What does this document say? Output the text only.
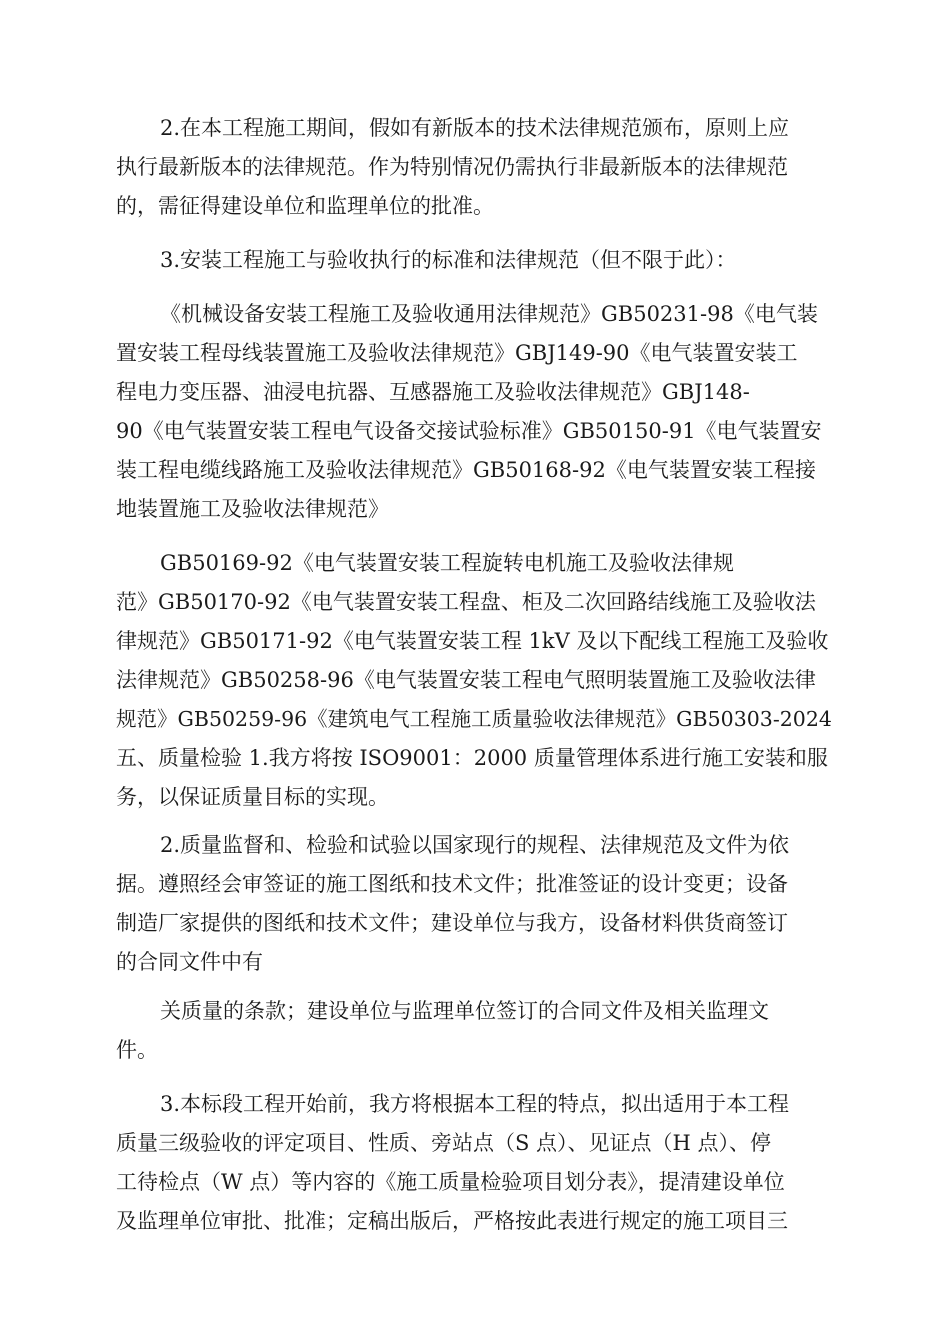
2.在本工程施工期间，假如有新版本的技术法律规范颁布，原则上应
执行最新版本的法律规范。作为特别情况仍需执行非最新版本的法律规范
的，需征得建设单位和监理单位的批准。
3.安装工程施工与验收执行的标准和法律规范（但不限于此）：
《机械设备安装工程施工及验收通用法律规范》GB50231-98《电气装
置安装工程母线装置施工及验收法律规范》GBJ149-90《电气装置安装工
程电力变压器、油浸电抗器、互感器施工及验收法律规范》GBJ148-
90《电气装置安装工程电气设备交接试验标准》GB50150-91《电气装置安
装工程电缆线路施工及验收法律规范》GB50168-92《电气装置安装工程接
地装置施工及验收法律规范》
GB50169-92《电气装置安装工程旋转电机施工及验收法律规
范》GB50170-92《电气装置安装工程盘、柜及二次回路结线施工及验收法
律规范》GB50171-92《电气装置安装工程 1kV 及以下配线工程施工及验收
法律规范》GB50258-96《电气装置安装工程电气照明装置施工及验收法律
规范》GB50259-96《建筑电气工程施工质量验收法律规范》GB50303-2024
五、质量检验 1.我方将按 ISO9001：2000 质量管理体系进行施工安装和服
务，以保证质量目标的实现。
2.质量监督和、检验和试验以国家现行的规程、法律规范及文件为依
据。遵照经会审签证的施工图纸和技术文件；批准签证的设计变更；设备
制造厂家提供的图纸和技术文件；建设单位与我方，设备材料供货商签订
的合同文件中有
关质量的条款；建设单位与监理单位签订的合同文件及相关监理文
件。
3.本标段工程开始前，我方将根据本工程的特点，拟出适用于本工程
质量三级验收的评定项目、性质、旁站点（S 点）、见证点（H 点）、停
工待检点（W 点）等内容的《施工质量检验项目划分表》，提清建设单位
及监理单位审批、批准；定稿出版后，严格按此表进行规定的施工项目三
